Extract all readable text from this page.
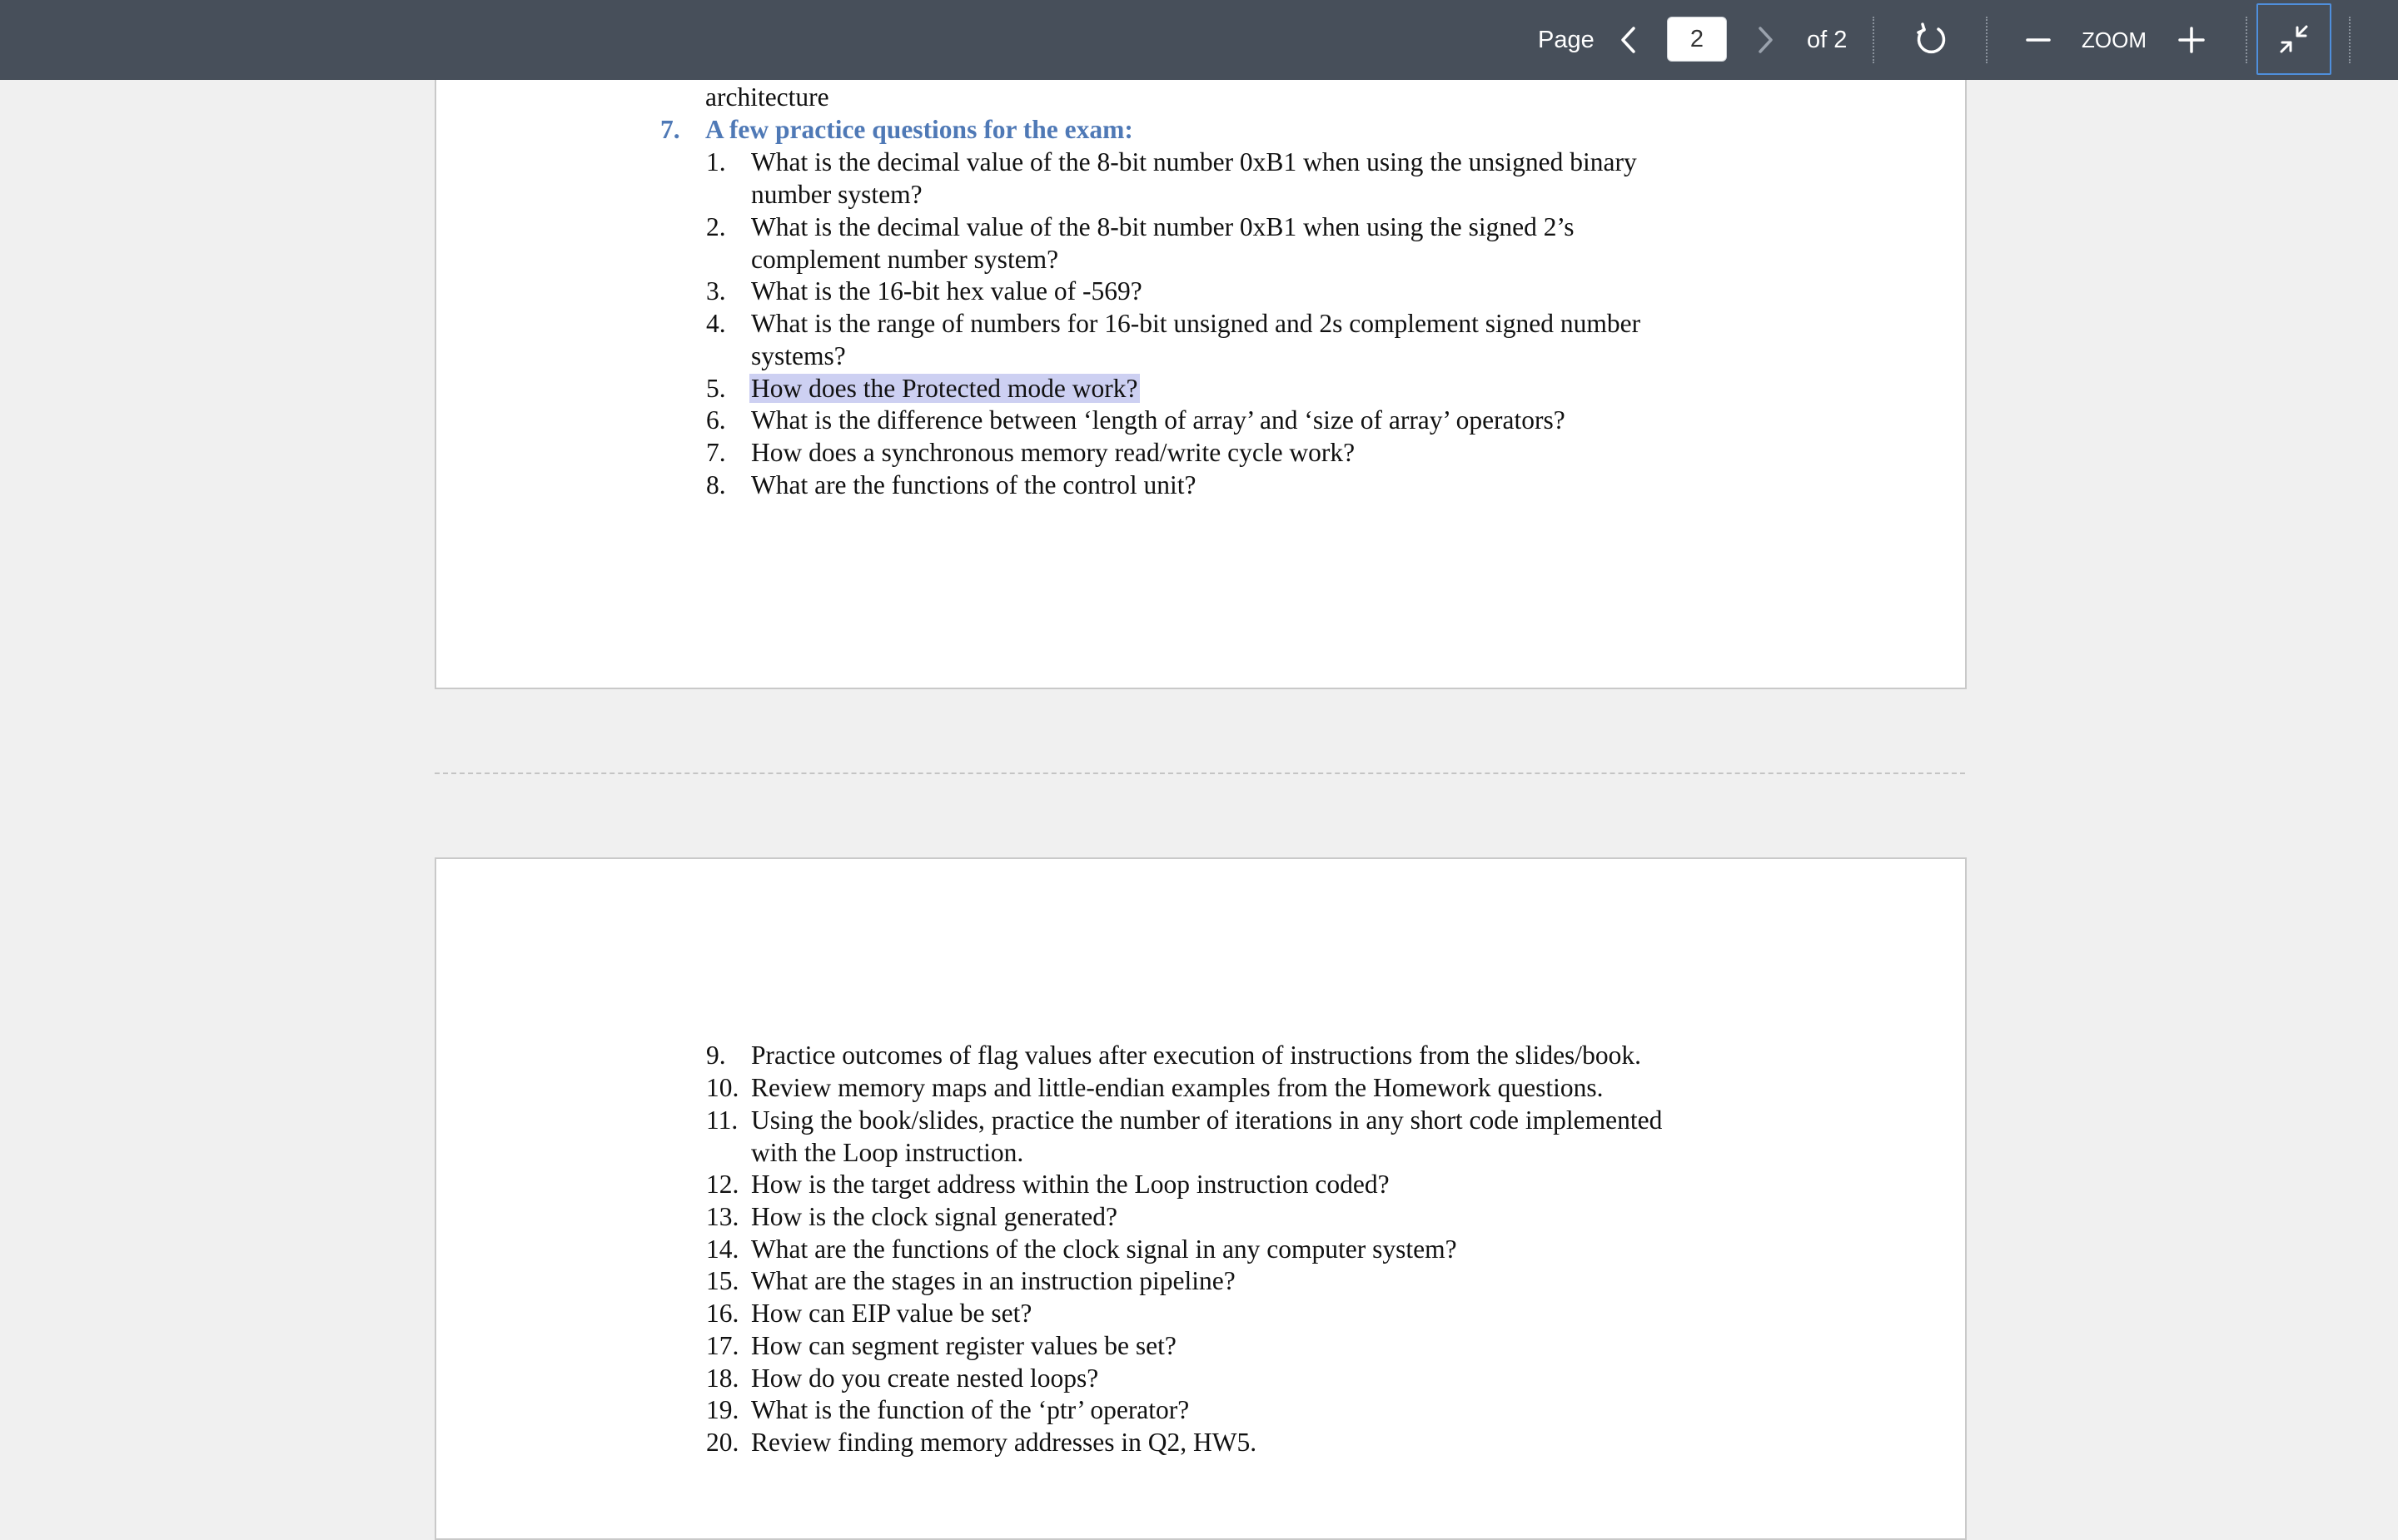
Page	2	of 2	ZOOM
architecture
7. A few practice questions for the exam:
1. What is the decimal value of the 8-bit number 0xB1 when using the unsigned binary
number system?
2. What is the decimal value of the 8-bit number 0xB1 when using the signed 2’s
complement number system?
3. What is the 16-bit hex value of -569?
4. What is the range of numbers for 16-bit unsigned and 2s complement signed number
systems?
5. How does the Protected mode work?
6. What is the difference between ‘length of array’ and ‘size of array’ operators?
7. How does a synchronous memory read/write cycle work?
8. What are the functions of the control unit?
9. Practice outcomes of flag values after execution of instructions from the slides/book.
10. Review memory maps and little-endian examples from the Homework questions.
11. Using the book/slides, practice the number of iterations in any short code implemented
with the Loop instruction.
12. How is the target address within the Loop instruction coded?
13. How is the clock signal generated?
14. What are the functions of the clock signal in any computer system?
15. What are the stages in an instruction pipeline?
16. How can EIP value be set?
17. How can segment register values be set?
18. How do you create nested loops?
19. What is the function of the ‘ptr’ operator?
20. Review finding memory addresses in Q2, HW5.
